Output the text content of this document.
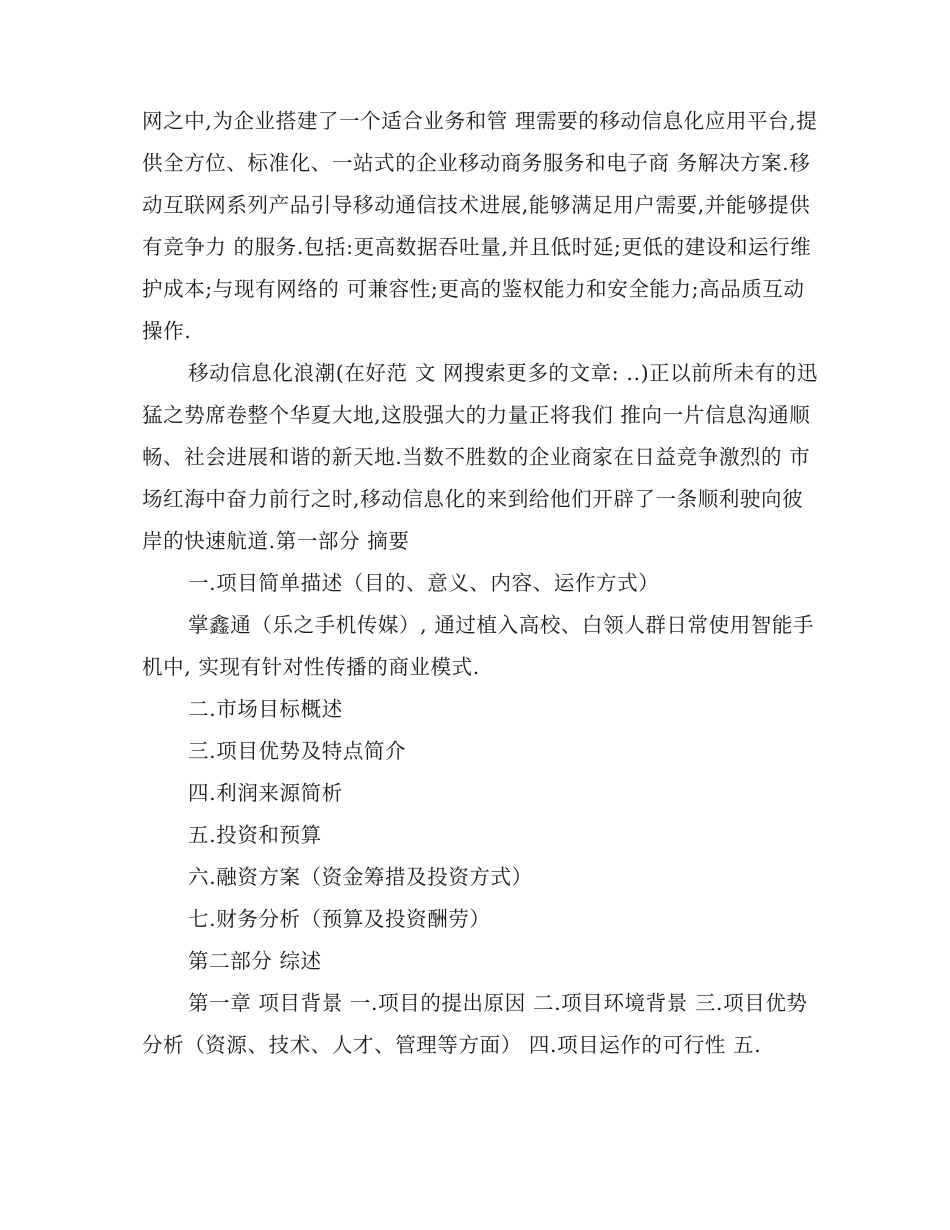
网之中,为企业搭建了一个适合业务和管 理需要的移动信息化应用平台,提供全方位、标准化、一站式的企业移动商务服务和电子商 务解决方案.移动互联网系列产品引导移动通信技术进展,能够满足用户需要,并能够提供有竞争力 的服务.包括:更高数据吞吐量,并且低时延;更低的建设和运行维护成本;与现有网络的 可兼容性;更高的鉴权能力和安全能力;高品质互动操作.

移动信息化浪潮(在好范 文 网搜索更多的文章: ..)正以前所未有的迅猛之势席卷整个华夏大地,这股强大的力量正将我们 推向一片信息沟通顺畅、社会进展和谐的新天地.当数不胜数的企业商家在日益竞争激烈的 市场红海中奋力前行之时,移动信息化的来到给他们开辟了一条顺利驶向彼岸的快速航道.第一部分 摘要

一.项目简单描述（目的、意义、内容、运作方式）

掌鑫通（乐之手机传媒）, 通过植入高校、白领人群日常使用智能手机中, 实现有针对性传播的商业模式.

二.市场目标概述

三.项目优势及特点简介

四.利润来源简析

五.投资和预算

六.融资方案（资金筹措及投资方式）

七.财务分析（预算及投资酬劳）

第二部分 综述

第一章 项目背景 一.项目的提出原因 二.项目环境背景 三.项目优势分析（资源、技术、人才、管理等方面） 四.项目运作的可行性 五.
